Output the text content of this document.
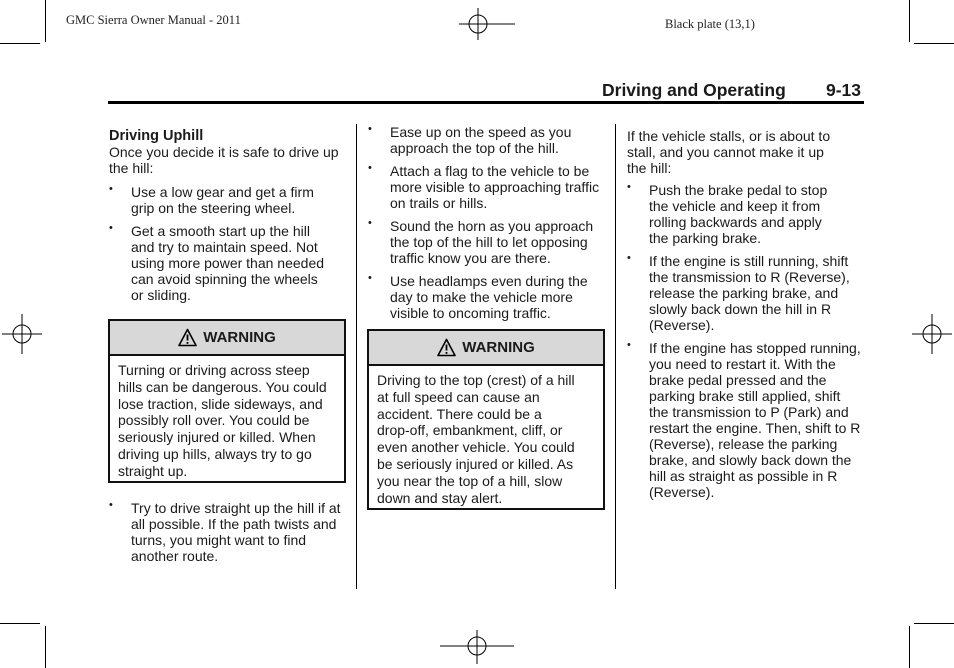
GMC Sierra Owner Manual - 2011	Black plate (13,1)
Driving and Operating 9-13

Driving Uphill

Once you decide it is safe to drive up the hill:

• Use a low gear and get a firm grip on the steering wheel.
• Get a smooth start up the hill and try to maintain speed. Not using more power than needed can avoid spinning the wheels or sliding.
WARNING
Turning or driving across steep hills can be dangerous. You could lose traction, slide sideways, and possibly roll over. You could be seriously injured or killed. When driving up hills, always try to go straight up.
• Try to drive straight up the hill if at all possible. If the path twists and turns, you might want to find another route.
• Ease up on the speed as you approach the top of the hill.
• Attach a flag to the vehicle to be more visible to approaching traffic on trails or hills.
• Sound the horn as you approach the top of the hill to let opposing traffic know you are there.
• Use headlamps even during the day to make the vehicle more visible to oncoming traffic.
WARNING
Driving to the top (crest) of a hill at full speed can cause an accident. There could be a drop-off, embankment, cliff, or even another vehicle. You could be seriously injured or killed. As you near the top of a hill, slow down and stay alert.

If the vehicle stalls, or is about to stall, and you cannot make it up the hill:

• Push the brake pedal to stop the vehicle and keep it from rolling backwards and apply the parking brake.
• If the engine is still running, shift the transmission to R (Reverse), release the parking brake, and slowly back down the hill in R (Reverse).
• If the engine has stopped running, you need to restart it. With the brake pedal pressed and the parking brake still applied, shift the transmission to P (Park) and restart the engine. Then, shift to R (Reverse), release the parking brake, and slowly back down the hill as straight as possible in R (Reverse).
